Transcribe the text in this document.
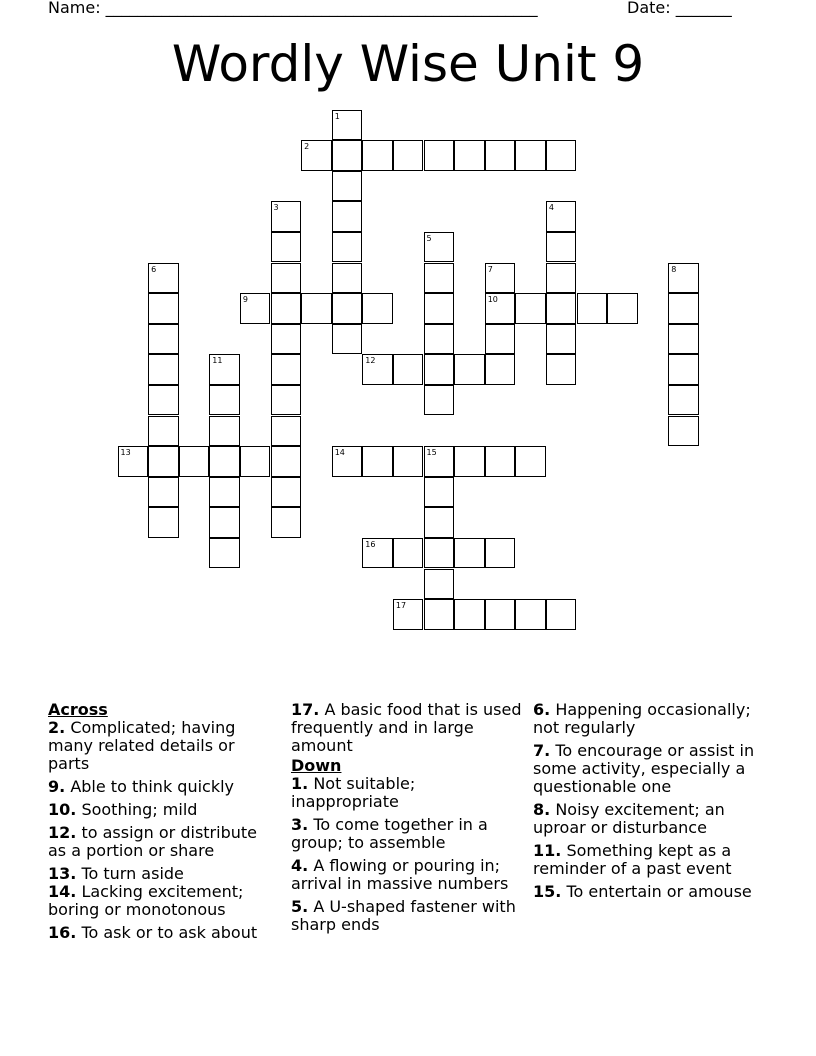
Name: ______________________________________________________	Date: _______
Wordly Wise Unit 9
1
2
3	4
5
6	7
10
8
9
11	12
13	14	15
16
17
Across
2. Complicated; having many related details or parts
9. Able to think quickly
10. Soothing; mild
12. to assign or distribute as a portion or share
13. To turn aside
14. Lacking excitement; boring or monotonous
16. To ask or to ask about
17. A basic food that is used frequently and in large amount
Down
1. Not suitable; inappropriate
3. To come together in a group; to assemble
4. A flowing or pouring in; arrival in massive numbers
5. A U-shaped fastener with sharp ends
6. Happening occasionally; not regularly
7. To encourage or assist in some activity, especially a questionable one
8. Noisy excitement; an uproar or disturbance
11. Something kept as a reminder of a past event
15. To entertain or amouse
